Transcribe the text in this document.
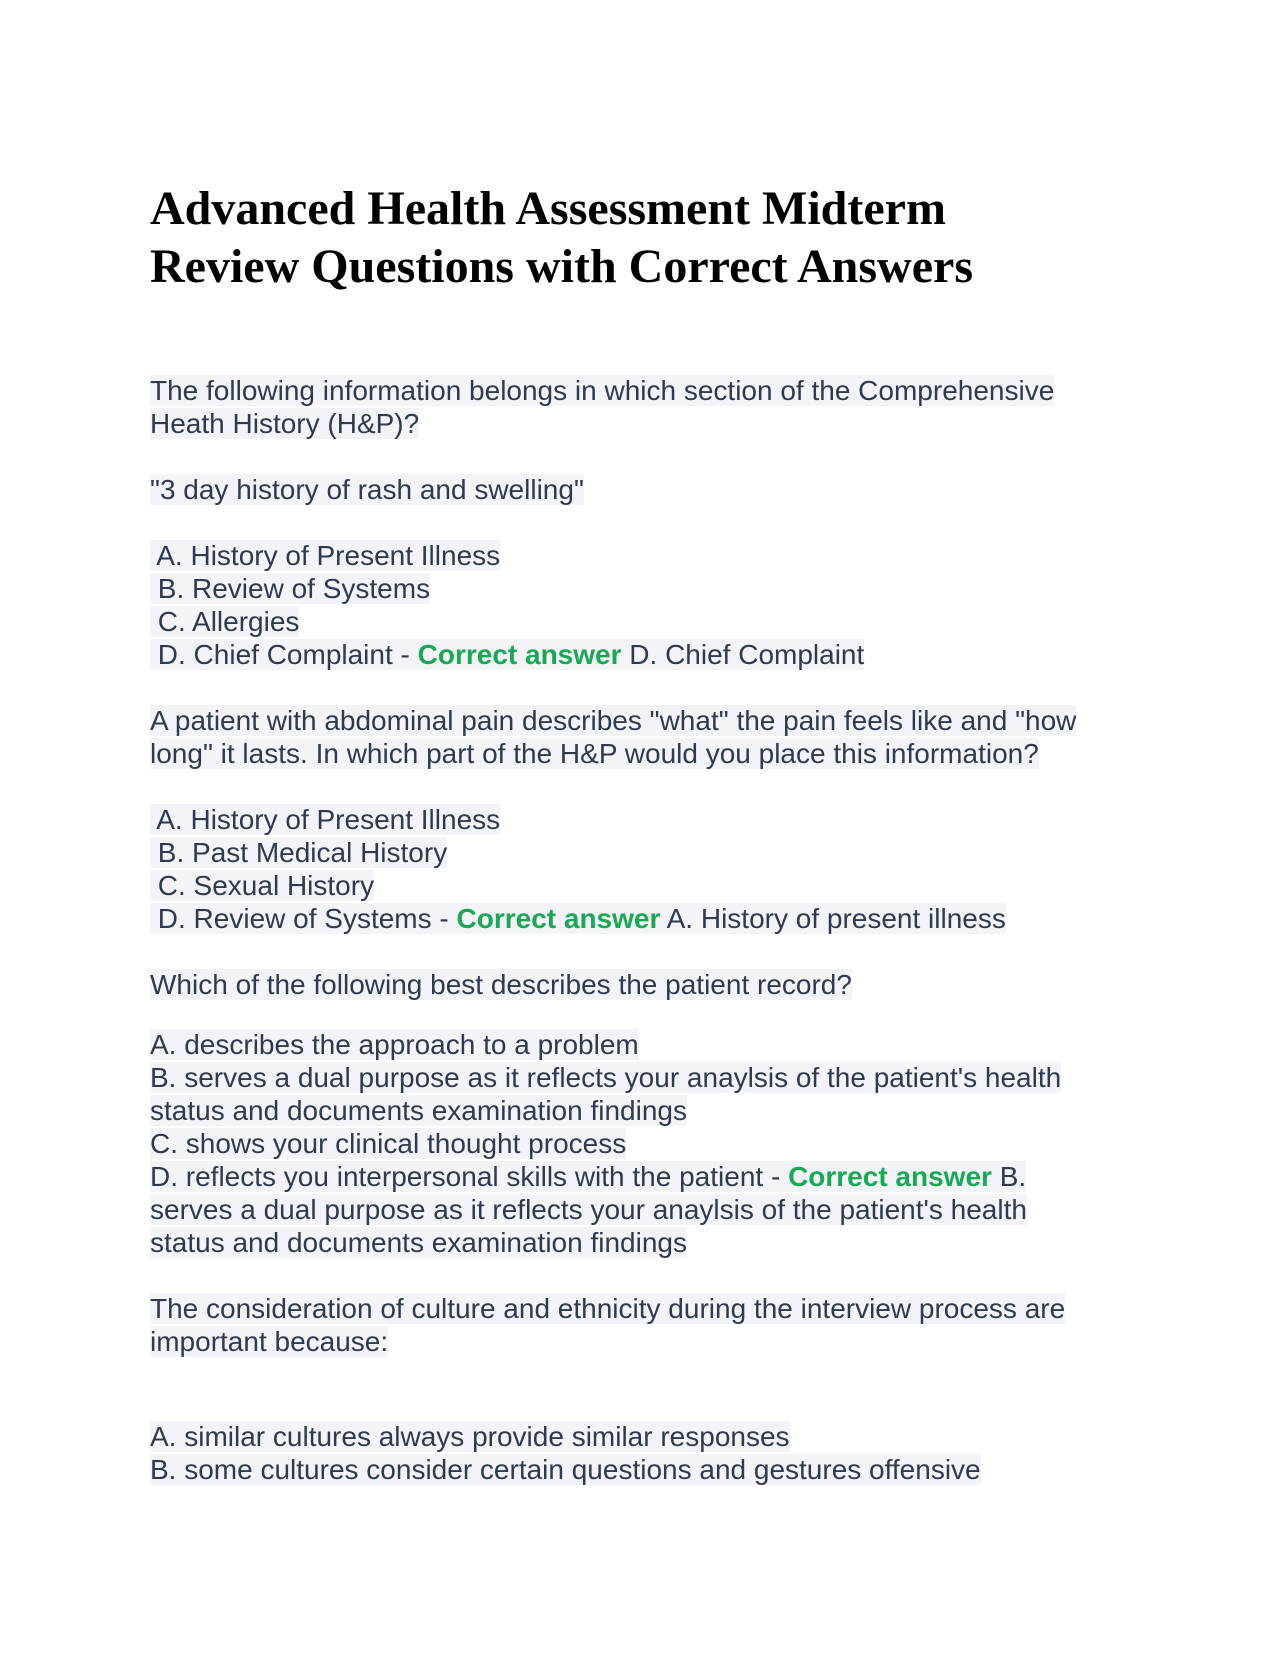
Advanced Health Assessment Midterm
Review Questions with Correct Answers

The following information belongs in which section of the Comprehensive
Heath History (H&P)?

"3 day history of rash and swelling"

A. History of Present Illness
B. Review of Systems
C. Allergies
D. Chief Complaint - Correct answer D. Chief Complaint

A patient with abdominal pain describes "what" the pain feels like and "how
long" it lasts. In which part of the H&P would you place this information?

A. History of Present Illness
B. Past Medical History
C. Sexual History
D. Review of Systems - Correct answer A. History of present illness

Which of the following best describes the patient record?

A. describes the approach to a problem
B. serves a dual purpose as it reflects your anaylsis of the patient's health
status and documents examination findings
C. shows your clinical thought process
D. reflects you interpersonal skills with the patient - Correct answer B.
serves a dual purpose as it reflects your anaylsis of the patient's health
status and documents examination findings

The consideration of culture and ethnicity during the interview process are
important because:

A. similar cultures always provide similar responses
B. some cultures consider certain questions and gestures offensive
